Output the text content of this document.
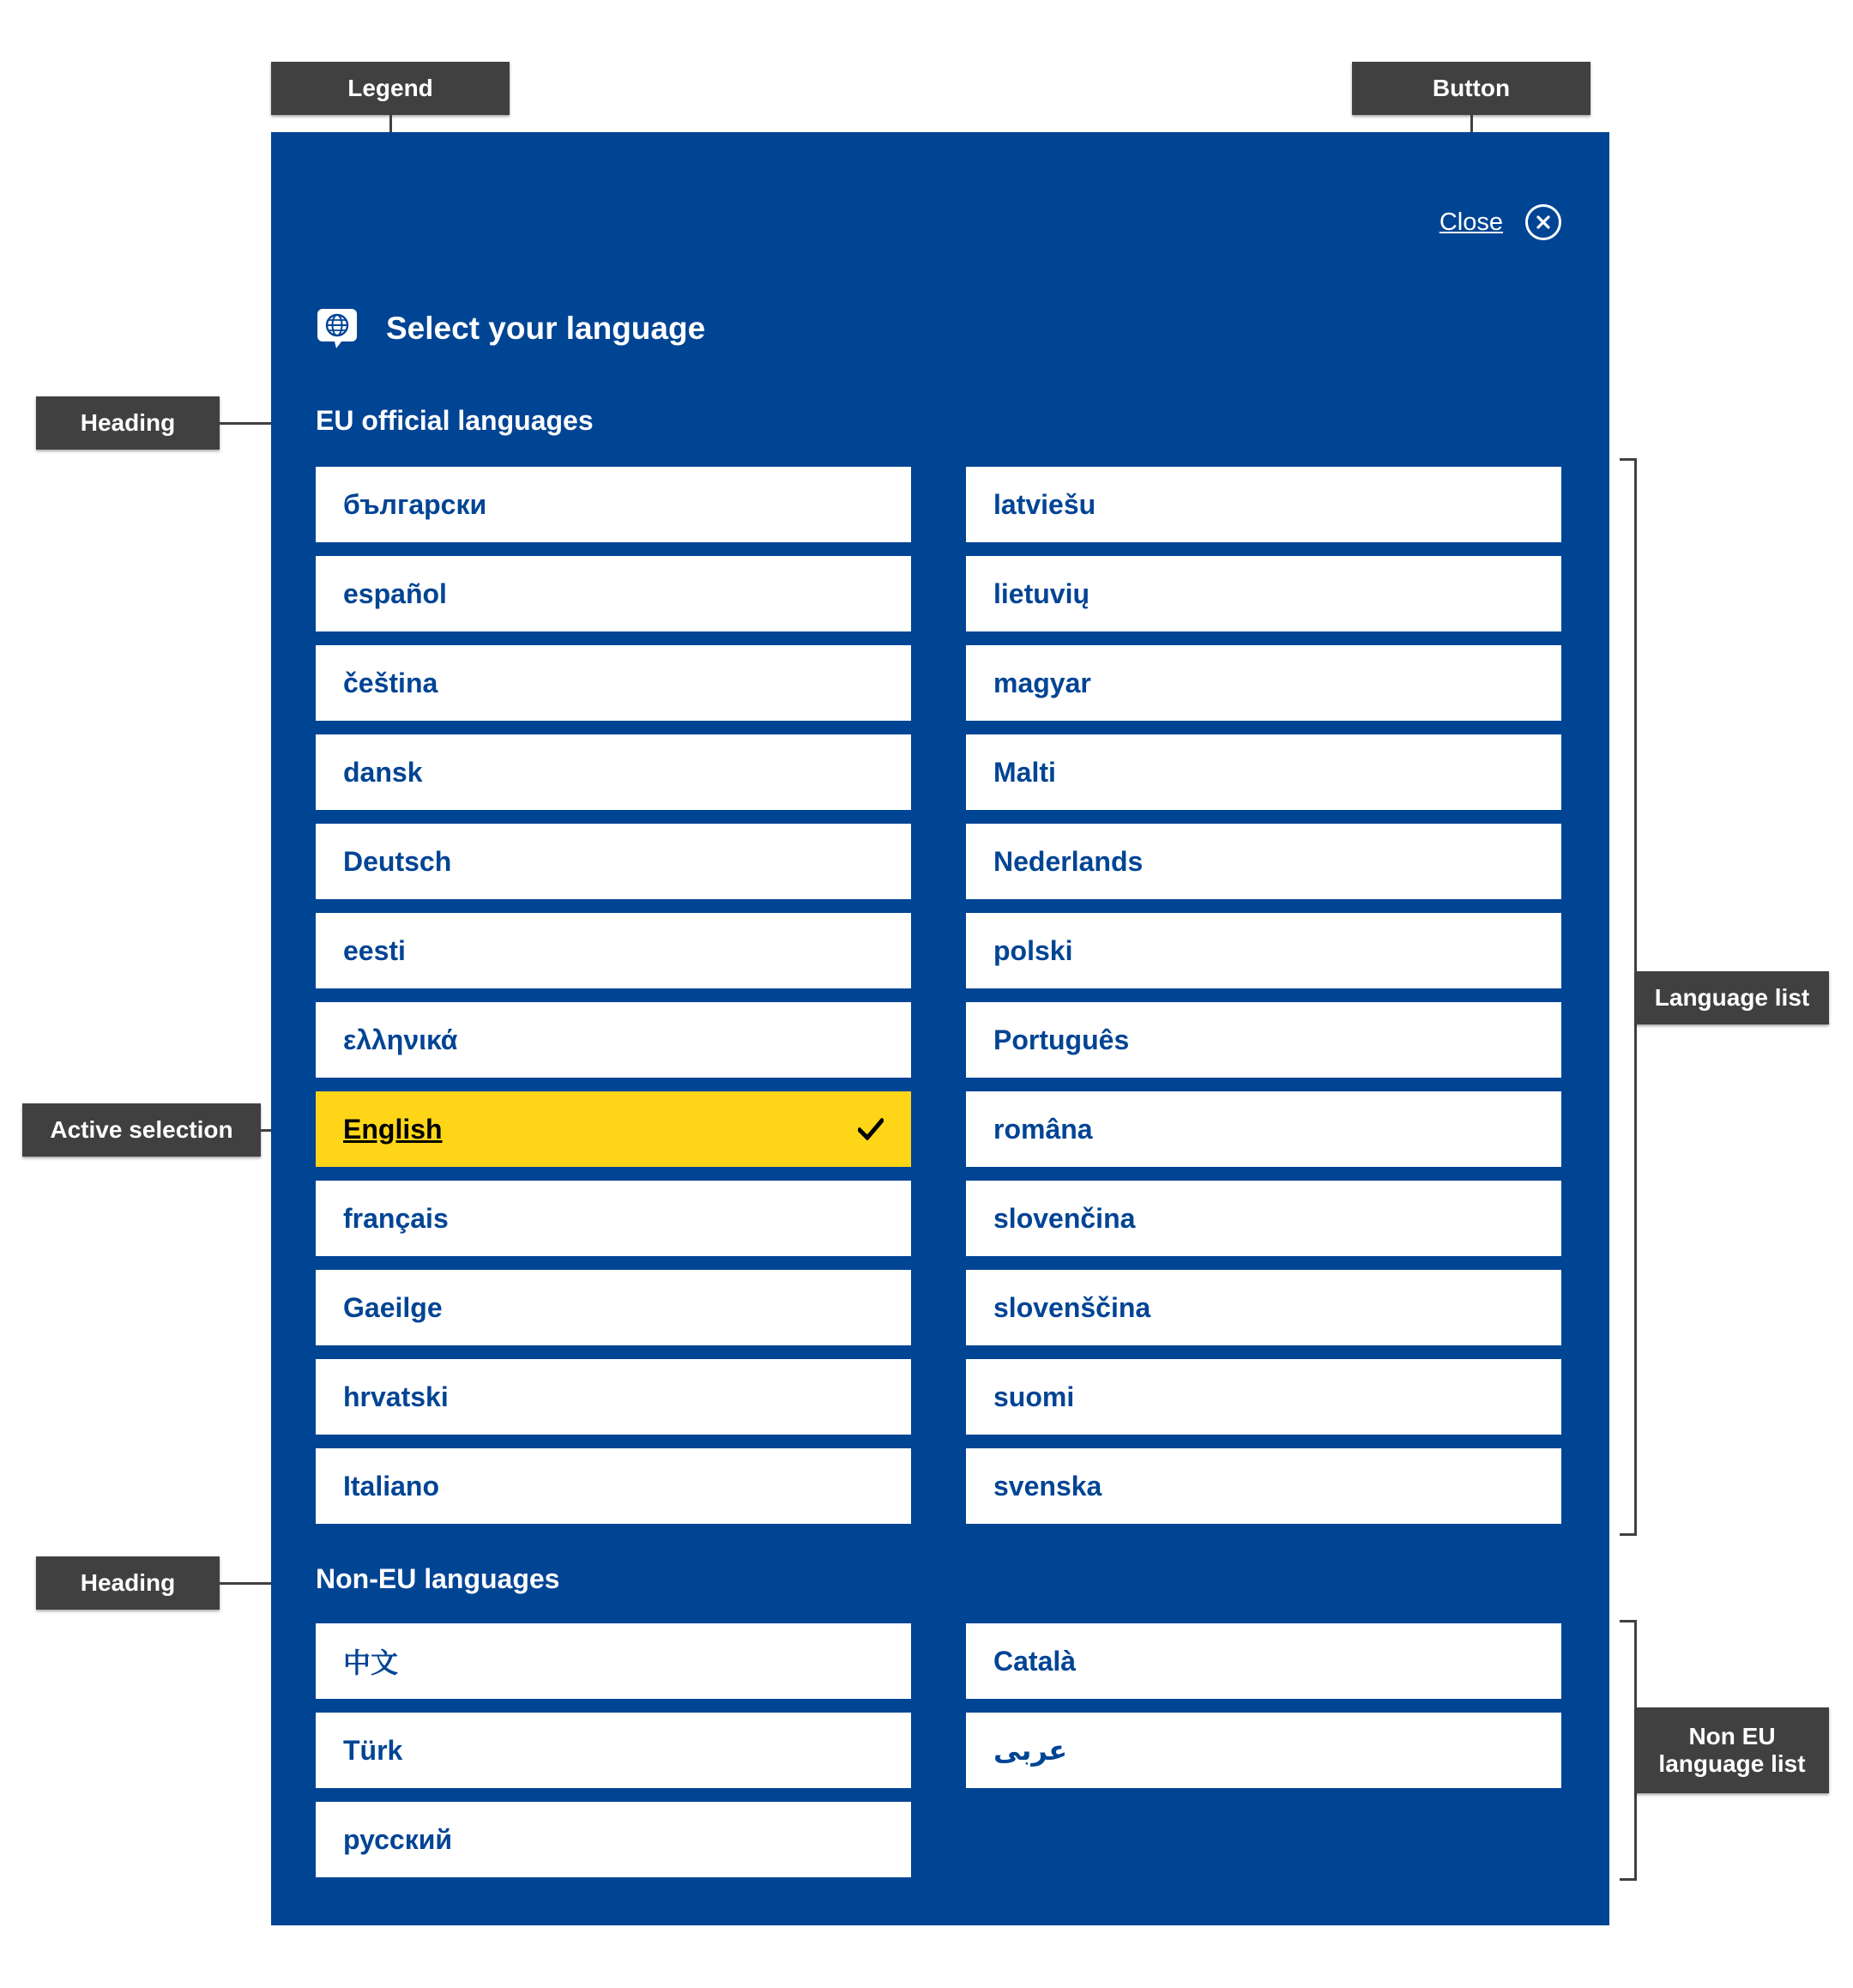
Legend	Button
Heading
Active selection
Heading
Language list
Non EU language list
Close
Select your language
EU official languages
български
español
čeština
dansk
Deutsch
eesti
ελληνικά
English
français
Gaeilge
hrvatski
Italiano
latviešu
lietuvių
magyar
Malti
Nederlands
polski
Português
româna
slovenčina
slovenščina
suomi
svenska
Non-EU languages
中文
Türk
русский
Català
عربى
